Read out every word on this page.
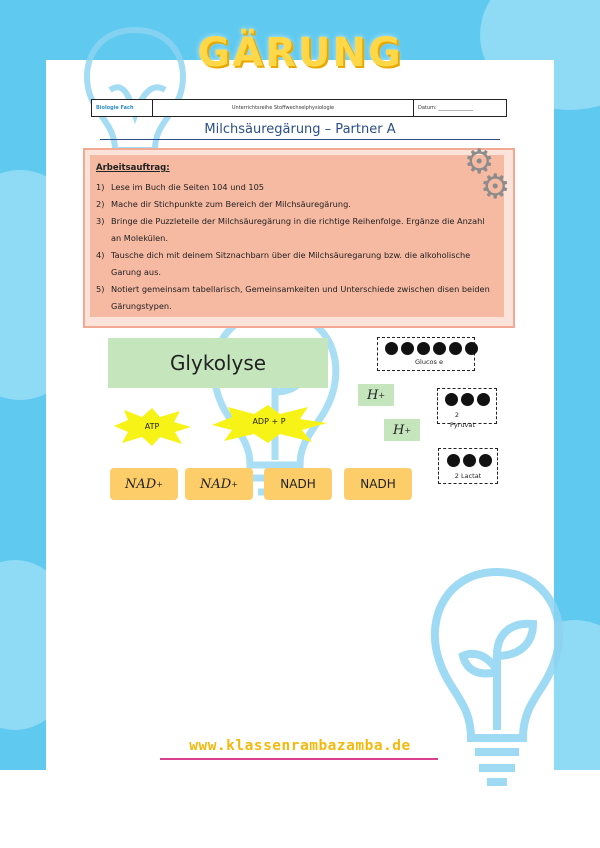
GÄRUNG
Biologie Fach	Unterrichtsreihe Stoffwechselphysiologie	Datum: ______________
Milchsäuregärung – Partner A
Arbeitsauftrag:
1) Lese im Buch die Seiten 104 und 105
2) Mache dir Stichpunkte zum Bereich der Milchsäuregärung.
3) Bringe die Puzzleteile der Milchsäuregärung in die richtige Reihenfolge. Ergänze die Anzahl an Molekülen.
4) Tausche dich mit deinem Sitznachbarn über die Milchsäuregarung bzw. die alkoholische Garung aus.
5) Notiert gemeinsam tabellarisch, Gemeinsamkeiten und Unterschiede zwischen disen beiden Gärungstypen.
⚙
⚙
Glykolyse
ATP
ADP + P
H +
H +
NAD +	NAD +	NADH	NADH
Glucos e
2
Pyruvat
2 Lactat
www.klassenrambazamba.de
